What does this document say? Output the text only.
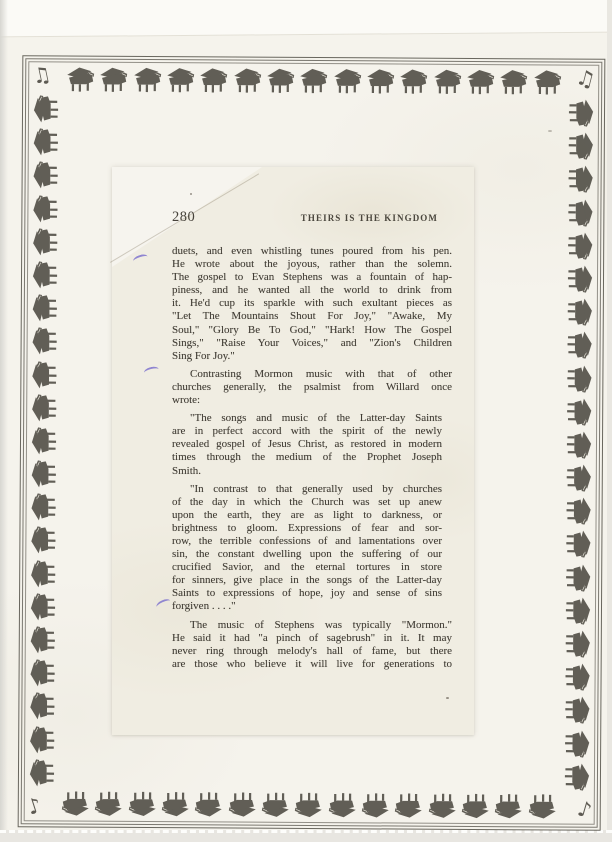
♫	♫
♪	♪
280	THEIRS IS THE KINGDOM
duets, and even whistling tunes poured from his pen.
He wrote about the joyous, rather than the solemn.
The gospel to Evan Stephens was a fountain of hap-
piness, and he wanted all the world to drink from
it. He'd cup its sparkle with such exultant pieces as
"Let The Mountains Shout For Joy," "Awake, My
Soul," "Glory Be To God," "Hark! How The Gospel
Sings," "Raise Your Voices," and "Zion's Children
Sing For Joy."
Contrasting Mormon music with that of other
churches generally, the psalmist from Willard once
wrote:
"The songs and music of the Latter-day Saints
are in perfect accord with the spirit of the newly
revealed gospel of Jesus Christ, as restored in modern
times through the medium of the Prophet Joseph
Smith.
"In contrast to that generally used by churches
of the day in which the Church was set up anew
upon the earth, they are as light to darkness, or
brightness to gloom. Expressions of fear and sor-
row, the terrible confessions of and lamentations over
sin, the constant dwelling upon the suffering of our
crucified Savior, and the eternal tortures in store
for sinners, give place in the songs of the Latter-day
Saints to expressions of hope, joy and sense of sins
forgiven . . . ."
The music of Stephens was typically "Mormon."
He said it had "a pinch of sagebrush" in it. It may
never ring through melody's hall of fame, but there
are those who believe it will live for generations to
